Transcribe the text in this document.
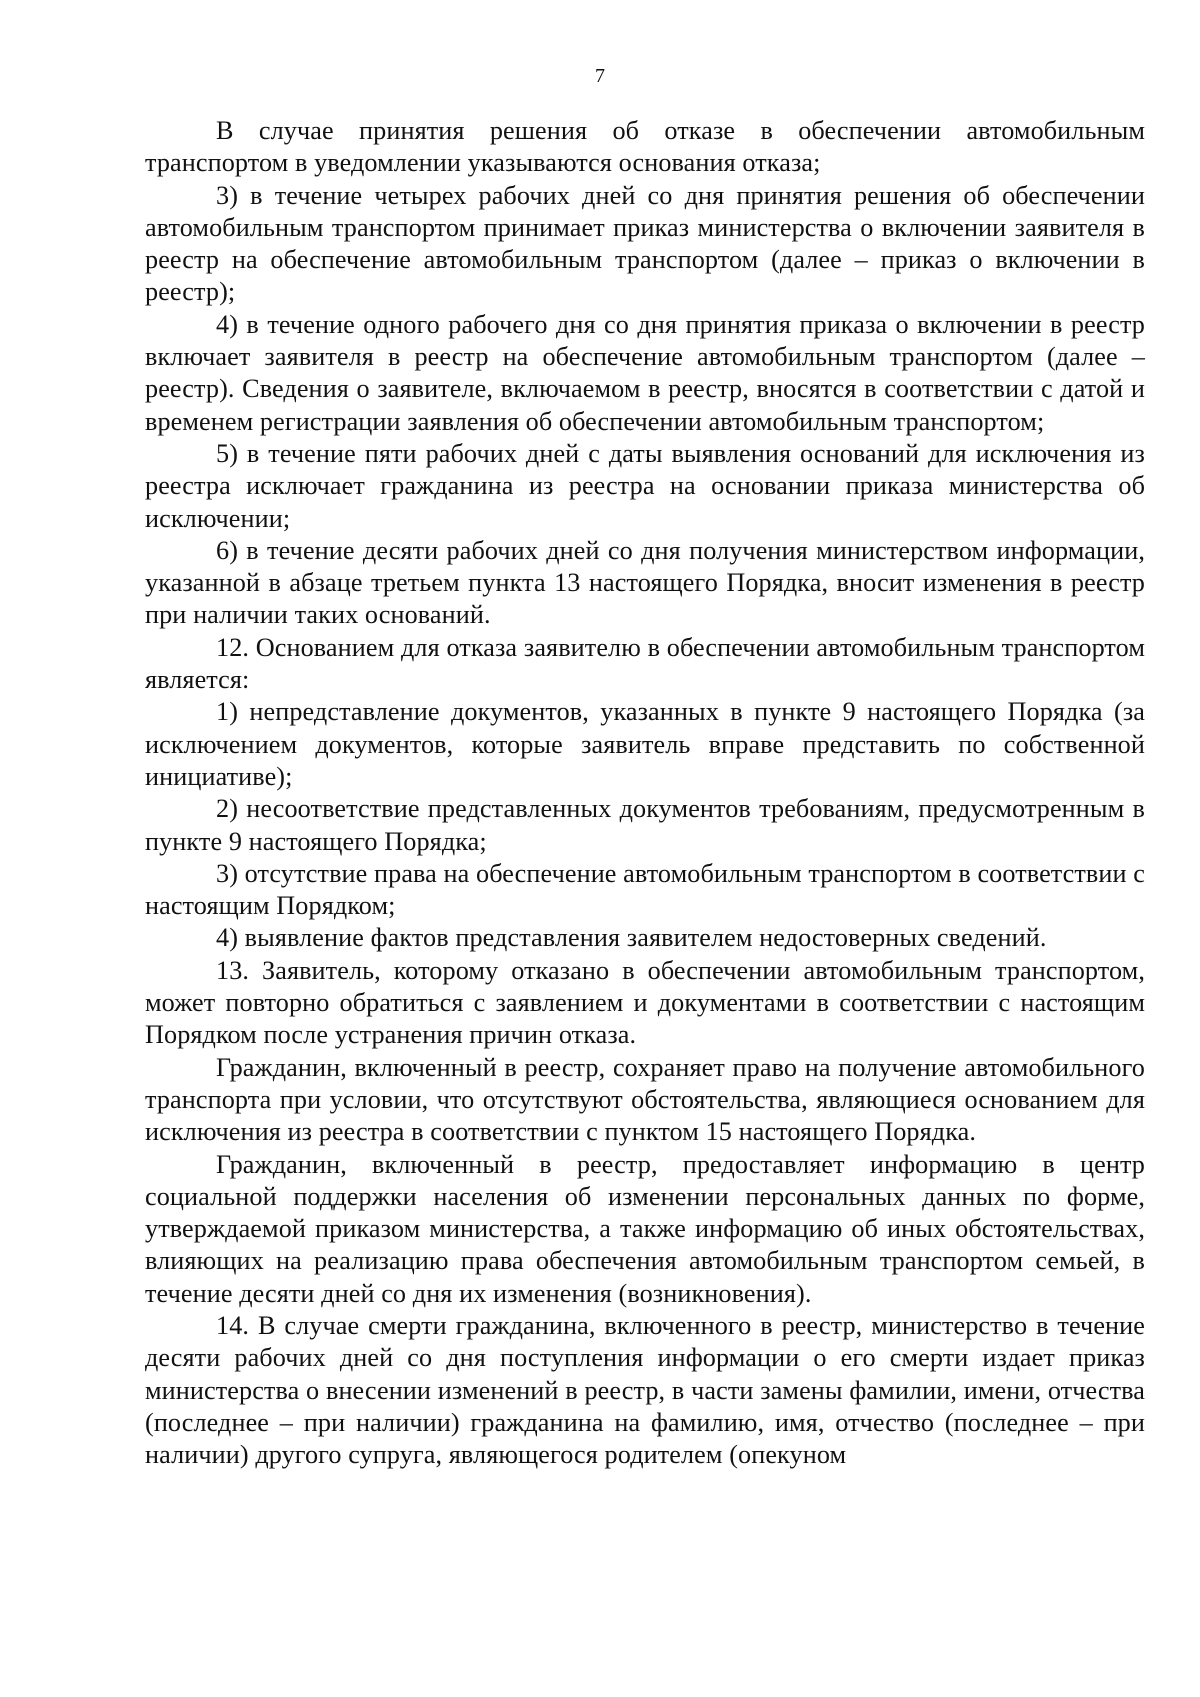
7

В случае принятия решения об отказе в обеспечении автомобильным транспортом в уведомлении указываются основания отказа;

3) в течение четырех рабочих дней со дня принятия решения об обеспечении автомобильным транспортом принимает приказ министерства о включении заявителя в реестр на обеспечение автомобильным транспортом (далее – приказ о включении в реестр);

4) в течение одного рабочего дня со дня принятия приказа о включении в реестр включает заявителя в реестр на обеспечение автомобильным транспортом (далее – реестр). Сведения о заявителе, включаемом в реестр, вносятся в соответствии с датой и временем регистрации заявления об обеспечении автомобильным транспортом;

5) в течение пяти рабочих дней с даты выявления оснований для исключения из реестра исключает гражданина из реестра на основании приказа министерства об исключении;

6) в течение десяти рабочих дней со дня получения министерством информации, указанной в абзаце третьем пункта 13 настоящего Порядка, вносит изменения в реестр при наличии таких оснований.

12. Основанием для отказа заявителю в обеспечении автомобильным транспортом является:

1) непредставление документов, указанных в пункте 9 настоящего Порядка (за исключением документов, которые заявитель вправе представить по собственной инициативе);

2) несоответствие представленных документов требованиям, предусмотренным в пункте 9 настоящего Порядка;

3) отсутствие права на обеспечение автомобильным транспортом в соответствии с настоящим Порядком;

4) выявление фактов представления заявителем недостоверных сведений.

13. Заявитель, которому отказано в обеспечении автомобильным транспортом, может повторно обратиться с заявлением и документами в соответствии с настоящим Порядком после устранения причин отказа.

Гражданин, включенный в реестр, сохраняет право на получение автомобильного транспорта при условии, что отсутствуют обстоятельства, являющиеся основанием для исключения из реестра в соответствии с пунктом 15 настоящего Порядка.

Гражданин, включенный в реестр, предоставляет информацию в центр социальной поддержки населения об изменении персональных данных по форме, утверждаемой приказом министерства, а также информацию об иных обстоятельствах, влияющих на реализацию права обеспечения автомобильным транспортом семьей, в течение десяти дней со дня их изменения (возникновения).

14. В случае смерти гражданина, включенного в реестр, министерство в течение десяти рабочих дней со дня поступления информации о его смерти издает приказ министерства о внесении изменений в реестр, в части замены фамилии, имени, отчества (последнее – при наличии) гражданина на фамилию, имя, отчество (последнее – при наличии) другого супруга, являющегося родителем (опекуном
